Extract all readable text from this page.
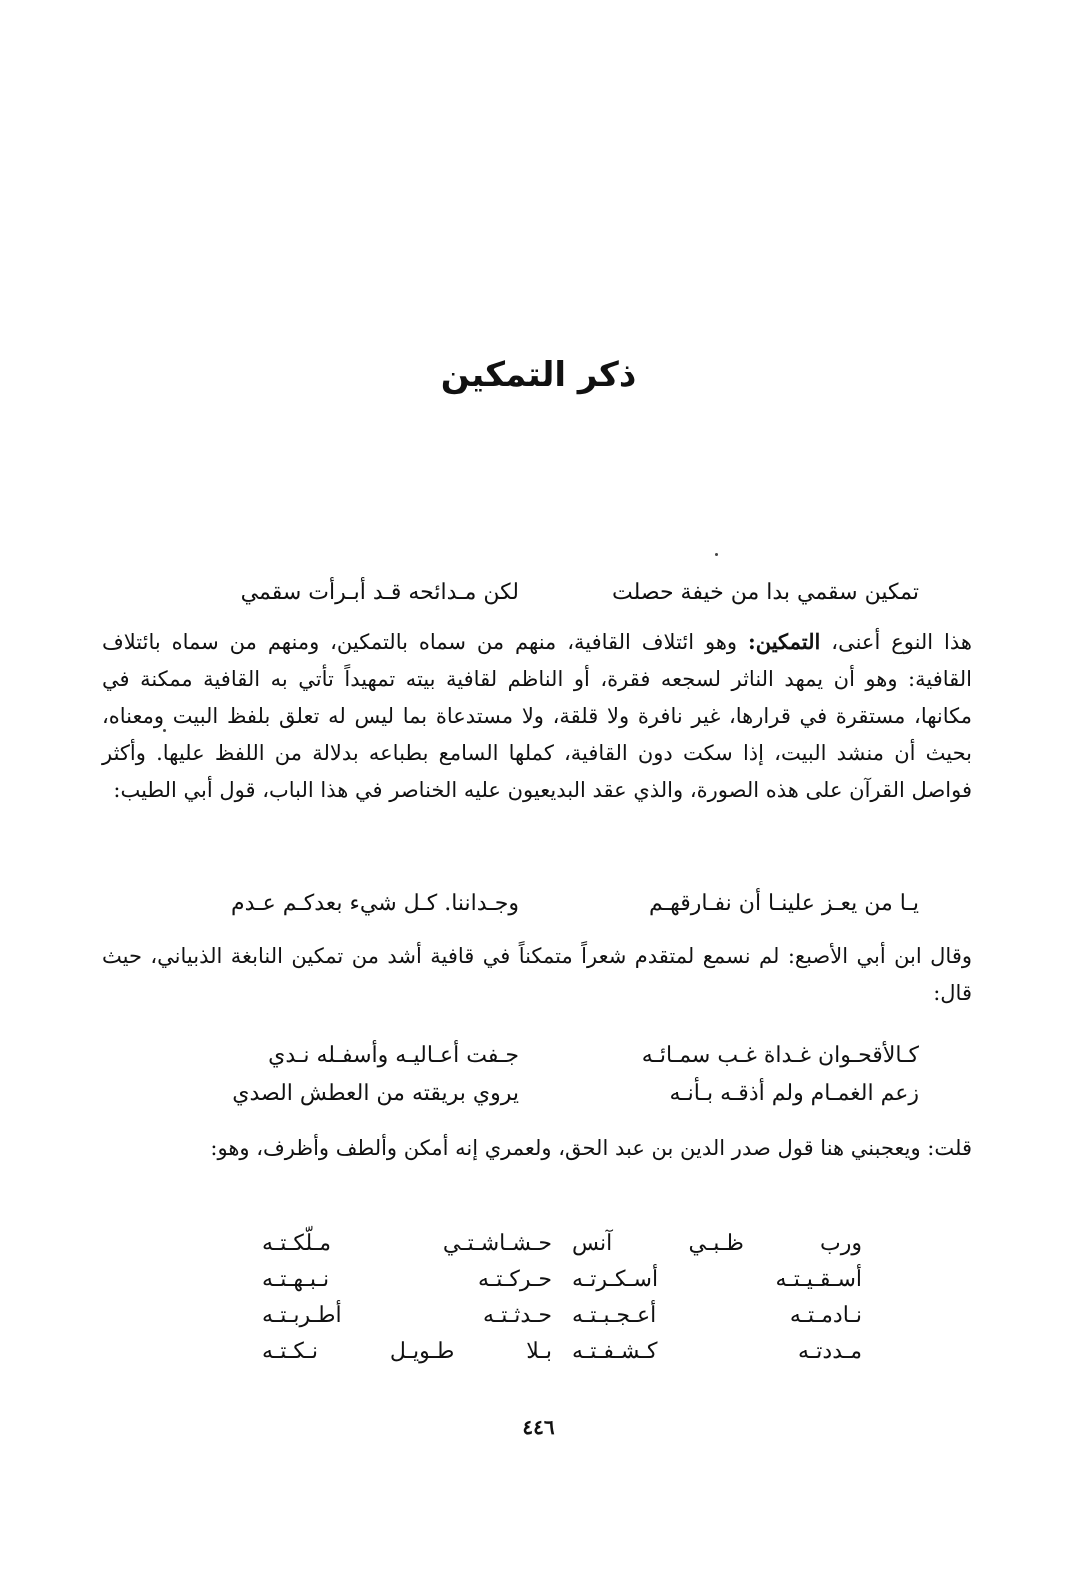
ذكر التمكين
تمكين سقمي بدا من خيفة حصلت
لكن مـدائحه قـد أبـرأت سقمي

هذا النوع أعنى، التمكين: وهو ائتلاف القافية، منهم من سماه بالتمكين، ومنهم من سماه بائتلاف القافية: وهو أن يمهد الناثر لسجعه فقرة، أو الناظم لقافية بيته تمهيداً تأتي به القافية ممكنة في مكانها، مستقرة في قرارها، غير نافرة ولا قلقة، ولا مستدعاة بما ليس له تعلق بلفظ البيت ومعناه، بحيث أن منشد البيت، إذا سكت دون القافية، كملها السامع بطباعه بدلالة من اللفظ عليها. وأكثر فواصل القرآن على هذه الصورة، والذي عقد البديعيون عليه الخناصر في هذا الباب، قول أبي الطيب:

يـا من يعـز علينـا أن نفـارقهـم
وجـداننا. كـل شيء بعدكـم عـدم

وقال ابن أبي الأصبع: لم نسمع لمتقدم شعراً متمكناً في قافية أشد من تمكين النابغة الذبياني، حيث قال:

كـالأقحـوان غـداة غـب سمـائـه
جـفت أعـاليـه وأسفـله نـدي
زعم الغمـام ولم أذقـه بـأنـه
يروي بريقته من العطش الصدي

قلت: ويعجبني هنا قول صدر الدين بن عبد الحق، ولعمري إنه أمكن وألطف وأظرف، وهو:

ورب ظـبـي آنس
حـشـاشـتـي مـلّكـتـه
أسـقـيـتـه أسـكـرتـه
حـركـتـه نـبـهـتـه
نـادمـتـه أعـجـبـتـه
حـدثـتـه أطـربـتـه
مـددتـه كـشـفـتـه
بـلا طـويـل نـكـتـه
٤٤٦
